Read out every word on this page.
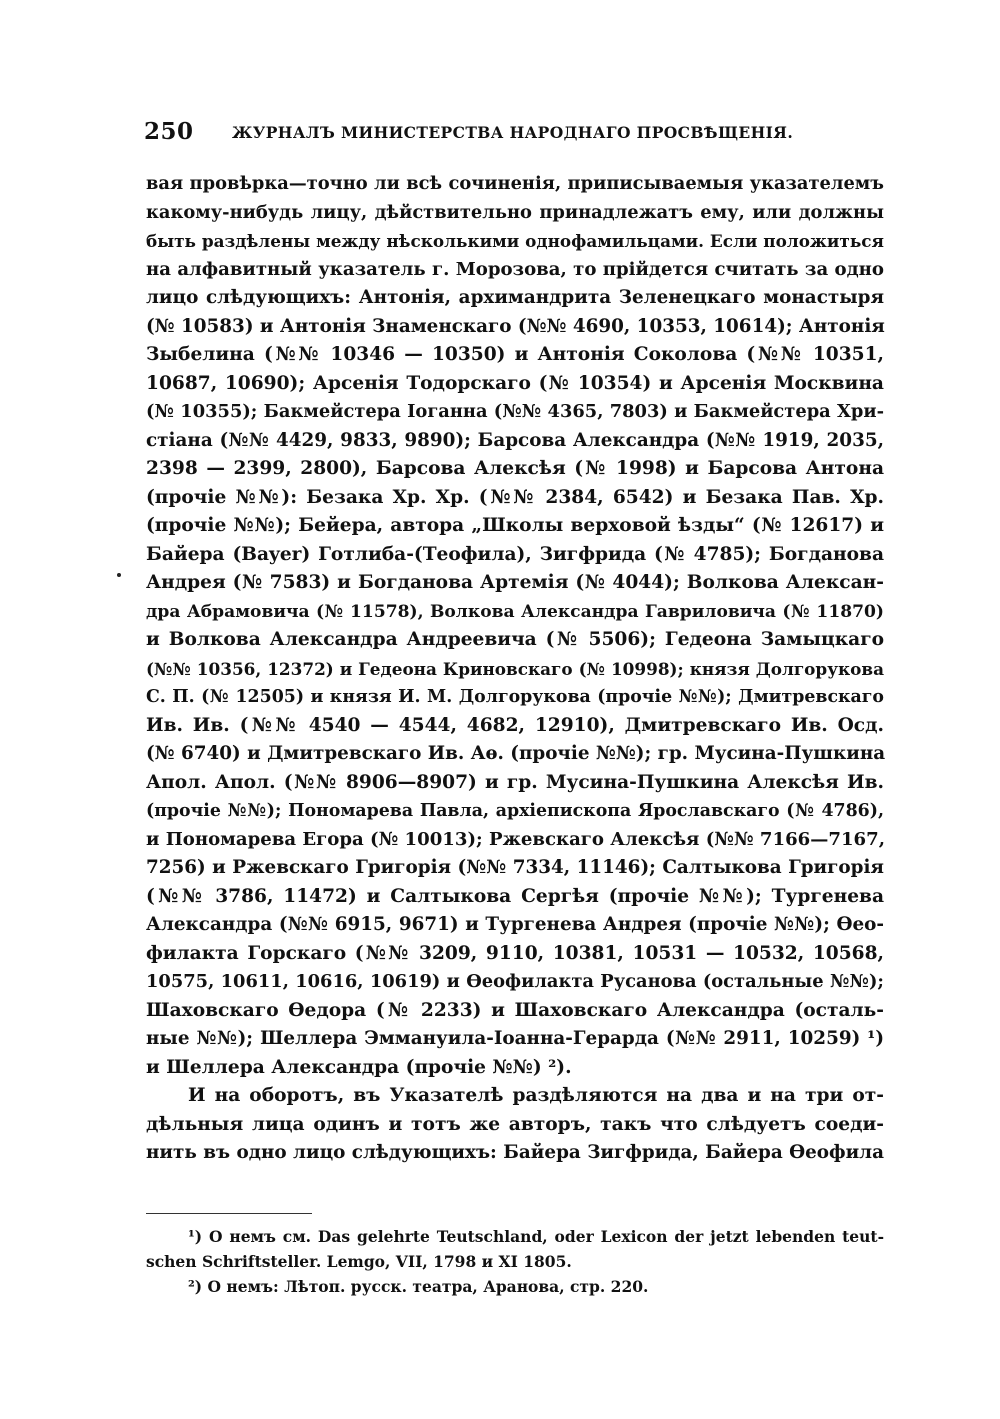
250 ЖУРНАЛЪ МИНИСТЕРСТВА НАРОДНАГО ПРОСВѢЩЕНІЯ.
вая провѣрка—точно ли всѣ сочиненія, приписываемыя указателемъ
какому-нибудь лицу, дѣйствительно принадлежатъ ему, или должны
быть раздѣлены между нѣсколькими однофамильцами. Если положиться
на алфавитный указатель г. Морозова, то прійдется считать за одно
лицо слѣдующихъ: Антонія, архимандрита Зеленецкаго монастыря
(№ 10583) и Антонія Знаменскаго (№№ 4690, 10353, 10614); Антонія
Зыбелина (№№ 10346 — 10350) и Антонія Соколова (№№ 10351,
10687, 10690); Арсенія Тодорскаго (№ 10354) и Арсенія Москвина
(№ 10355); Бакмейстера Іоганна (№№ 4365, 7803) и Бакмейстера Хри-
стіана (№№ 4429, 9833, 9890); Барсова Александра (№№ 1919, 2035,
2398 — 2399, 2800), Барсова Алексѣя (№ 1998) и Барсова Антона
(прочіе №№): Безака Хр. Хр. (№№ 2384, 6542) и Безака Пав. Хр.
(прочіе №№); Бейера, автора „Школы верховой ѣзды“ (№ 12617) и
Байера (Bayer) Готлиба-(Теофила), Зигфрида (№ 4785); Богданова
Андрея (№ 7583) и Богданова Артемія (№ 4044); Волкова Алексан-
дра Абрамовича (№ 11578), Волкова Александра Гавриловича (№ 11870)
и Волкова Александра Андреевича (№ 5506); Гедеона Замыцкаго
(№№ 10356, 12372) и Гедеона Криновскаго (№ 10998); князя Долгорукова
С. П. (№ 12505) и князя И. М. Долгорукова (прочіе №№); Дмитревскаго
Ив. Ив. (№№ 4540 — 4544, 4682, 12910), Дмитревскаго Ив. Осд.
(№ 6740) и Дмитревскаго Ив. Аѳ. (прочіе №№); гр. Мусина-Пушкина
Апол. Апол. (№№ 8906—8907) и гр. Мусина-Пушкина Алексѣя Ив.
(прочіе №№); Пономарева Павла, архіепископа Ярославскаго (№ 4786),
и Пономарева Егора (№ 10013); Ржевскаго Алексѣя (№№ 7166—7167,
7256) и Ржевскаго Григорія (№№ 7334, 11146); Салтыкова Григорія
(№№ 3786, 11472) и Салтыкова Сергѣя (прочіе №№); Тургенева
Александра (№№ 6915, 9671) и Тургенева Андрея (прочіе №№); Ѳео-
филакта Горскаго (№№ 3209, 9110, 10381, 10531 — 10532, 10568,
10575, 10611, 10616, 10619) и Ѳеофилакта Русанова (остальные №№);
Шаховскаго Ѳедора (№ 2233) и Шаховскаго Александра (осталь-
ные №№); Шеллера Эммануила-Іоанна-Герарда (№№ 2911, 10259) ¹)
и Шеллера Александра (прочіе №№) ²).
И на оборотъ, въ Указателѣ раздѣляются на два и на три от-
дѣльныя лица одинъ и тотъ же авторъ, такъ что слѣдуетъ соеди-
нить въ одно лицо слѣдующихъ: Байера Зигфрида, Байера Ѳеофила
¹) О немъ см. Das gelehrte Teutschland, oder Lexicon der jetzt lebenden teut-
schen Schriftsteller. Lemgo, VII, 1798 и XI 1805.
²) О немъ: Лѣтоп. русск. театра, Аранова, стр. 220.
